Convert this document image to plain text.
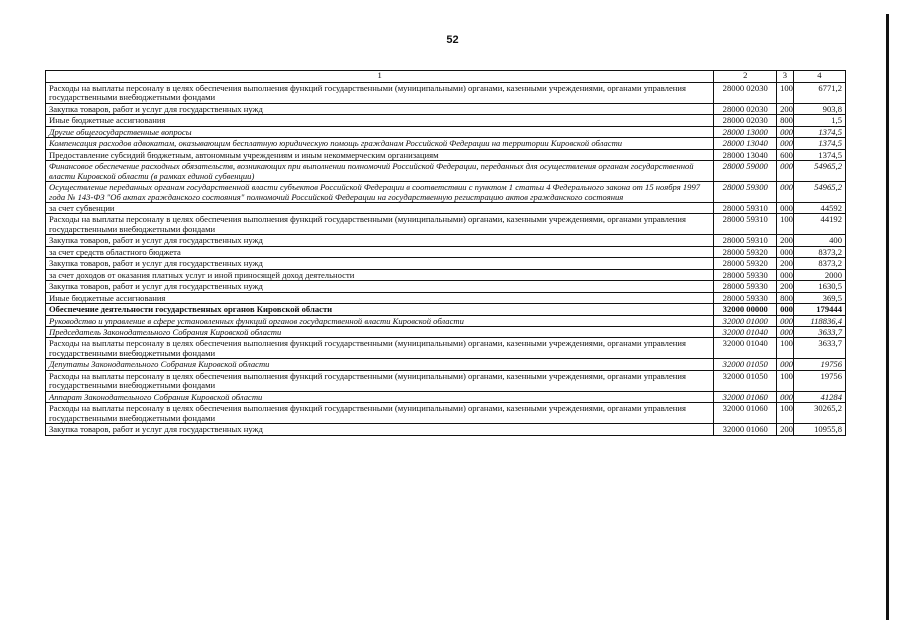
52
1	2	3	4
Расходы на выплаты персоналу в целях обеспечения выполнения функций государственными (муниципальными) органами, казенными учреждениями, органами управления государственными внебюджетными фондами	28000 02030	100	6771,2
Закупка товаров, работ и услуг для государственных нужд	28000 02030	200	903,8
Иные бюджетные ассигнования	28000 02030	800	1,5
Другие общегосударственные вопросы	28000 13000	000	1374,5
Компенсация расходов адвокатам, оказывающим бесплатную юридическую помощь гражданам Российской Федерации на территории Кировской области	28000 13040	000	1374,5
Предоставление субсидий бюджетным, автономным учреждениям и иным некоммерческим организациям	28000 13040	600	1374,5
Финансовое обеспечение расходных обязательств, возникающих при выполнении полномочий Российской Федерации, переданных для осуществления органам государственной власти Кировской области (в рамках единой субвенции)	28000 59000	000	54965,2
Осуществление переданных органам государственной власти субъектов Российской Федерации в соответствии с пунктом 1 статьи 4 Федерального закона от 15 ноября 1997 года № 143-ФЗ "Об актах гражданского состояния" полномочий Российской Федерации на государственную регистрацию актов гражданского состояния	28000 59300	000	54965,2
за счет субвенции	28000 59310	000	44592
Расходы на выплаты персоналу в целях обеспечения выполнения функций государственными (муниципальными) органами, казенными учреждениями, органами управления государственными внебюджетными фондами	28000 59310	100	44192
Закупка товаров, работ и услуг для государственных нужд	28000 59310	200	400
за счет средств областного бюджета	28000 59320	000	8373,2
Закупка товаров, работ и услуг для государственных нужд	28000 59320	200	8373,2
за счет доходов от оказания платных услуг и иной приносящей доход деятельности	28000 59330	000	2000
Закупка товаров, работ и услуг для государственных нужд	28000 59330	200	1630,5
Иные бюджетные ассигнования	28000 59330	800	369,5
Обеспечение деятельности государственных органов Кировской области	32000 00000	000	179444
Руководство и управление в сфере установленных функций органов государственной власти Кировской области	32000 01000	000	118836,4
Председатель Законодательного Собрания Кировской области	32000 01040	000	3633,7
Расходы на выплаты персоналу в целях обеспечения выполнения функций государственными (муниципальными) органами, казенными учреждениями, органами управления государственными внебюджетными фондами	32000 01040	100	3633,7
Депутаты Законодательного Собрания Кировской области	32000 01050	000	19756
Расходы на выплаты персоналу в целях обеспечения выполнения функций государственными (муниципальными) органами, казенными учреждениями, органами управления государственными внебюджетными фондами	32000 01050	100	19756
Аппарат Законодательного Собрания Кировской области	32000 01060	000	41284
Расходы на выплаты персоналу в целях обеспечения выполнения функций государственными (муниципальными) органами, казенными учреждениями, органами управления государственными внебюджетными фондами	32000 01060	100	30265,2
Закупка товаров, работ и услуг для государственных нужд	32000 01060	200	10955,8
